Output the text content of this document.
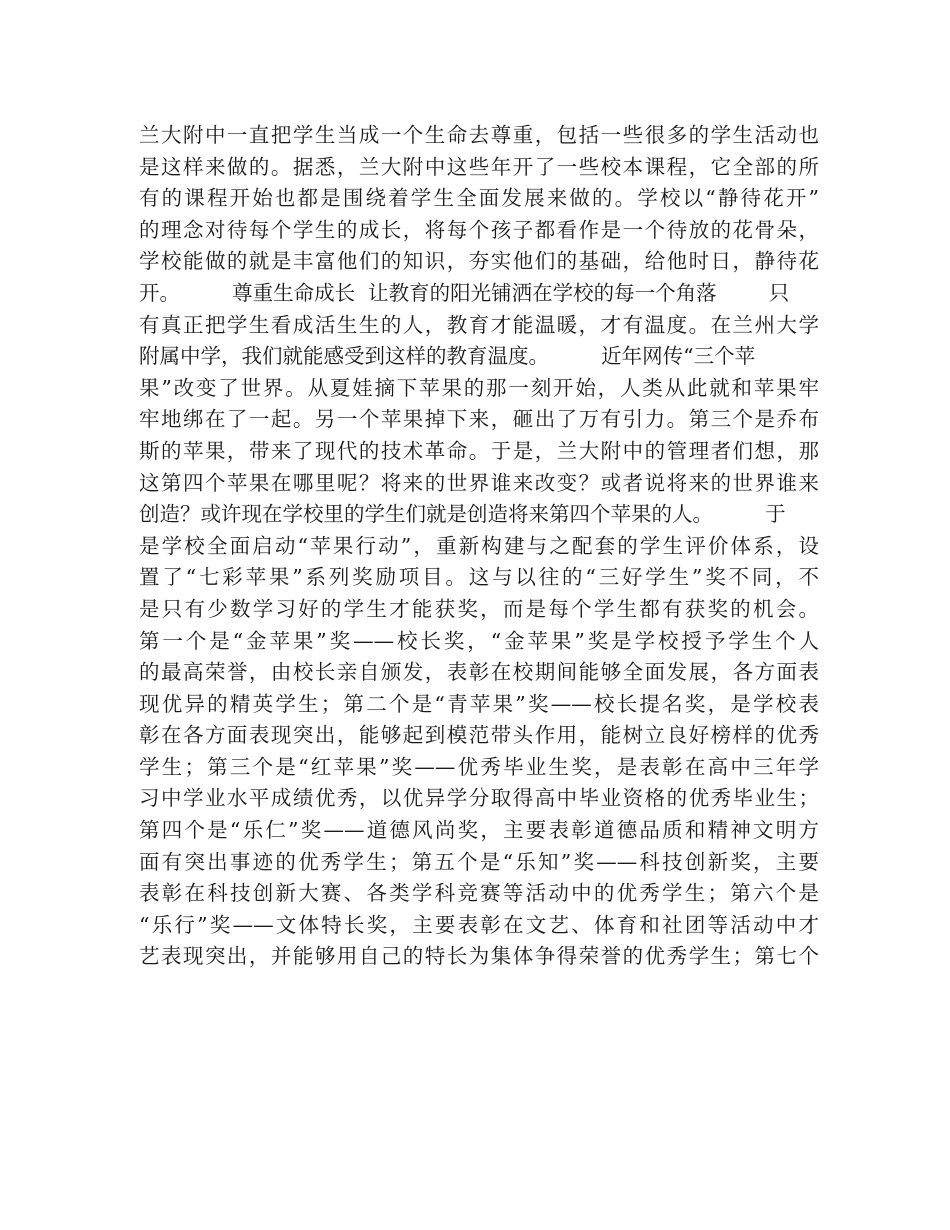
兰大附中一直把学生当成一个生命去尊重，包括一些很多的学生活动也
是这样来做的。据悉，兰大附中这些年开了一些校本课程，它全部的所
有的课程开始也都是围绕着学生全面发展来做的。学校以“静待花开”
的理念对待每个学生的成长，将每个孩子都看作是一个待放的花骨朵，
学校能做的就是丰富他们的知识，夯实他们的基础，给他时日，静待花
开。        尊重生命成长  让教育的阳光铺洒在学校的每一个角落        只
有真正把学生看成活生生的人，教育才能温暖，才有温度。在兰州大学
附属中学，我们就能感受到这样的教育温度。        近年网传“三个苹
果”改变了世界。从夏娃摘下苹果的那一刻开始，人类从此就和苹果牢
牢地绑在了一起。另一个苹果掉下来，砸出了万有引力。第三个是乔布
斯的苹果，带来了现代的技术革命。于是，兰大附中的管理者们想，那
这第四个苹果在哪里呢？将来的世界谁来改变？或者说将来的世界谁来
创造？或许现在学校里的学生们就是创造将来第四个苹果的人。        于
是学校全面启动“苹果行动”，重新构建与之配套的学生评价体系，设
置了“七彩苹果”系列奖励项目。这与以往的“三好学生”奖不同，不
是只有少数学习好的学生才能获奖，而是每个学生都有获奖的机会。
第一个是“金苹果”奖——校长奖，“金苹果”奖是学校授予学生个人
的最高荣誉，由校长亲自颁发，表彰在校期间能够全面发展，各方面表
现优异的精英学生；第二个是“青苹果”奖——校长提名奖，是学校表
彰在各方面表现突出，能够起到模范带头作用，能树立良好榜样的优秀
学生；第三个是“红苹果”奖——优秀毕业生奖，是表彰在高中三年学
习中学业水平成绩优秀，以优异学分取得高中毕业资格的优秀毕业生；
第四个是“乐仁”奖——道德风尚奖，主要表彰道德品质和精神文明方
面有突出事迹的优秀学生；第五个是“乐知”奖——科技创新奖，主要
表彰在科技创新大赛、各类学科竞赛等活动中的优秀学生；第六个是
“乐行”奖——文体特长奖，主要表彰在文艺、体育和社团等活动中才
艺表现突出，并能够用自己的特长为集体争得荣誉的优秀学生；第七个
